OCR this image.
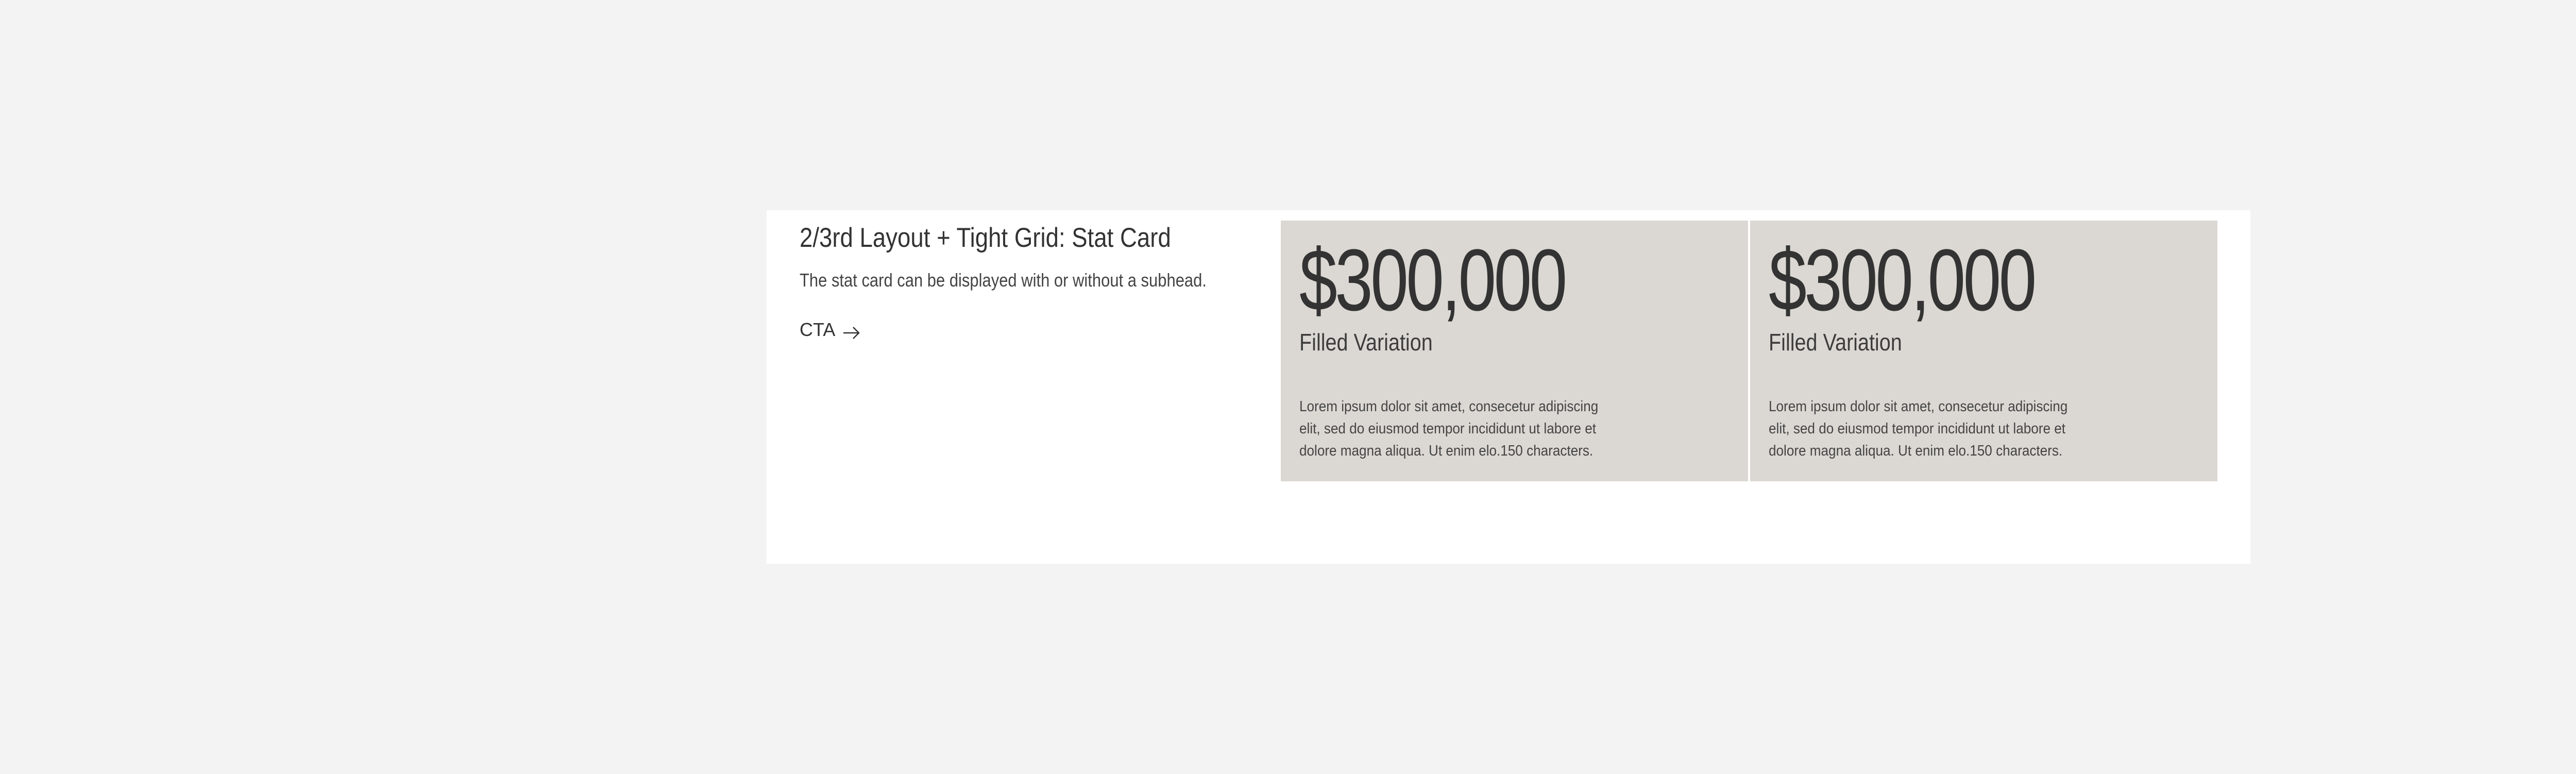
2/3rd Layout + Tight Grid: Stat Card

The stat card can be displayed with or without a subhead.

CTA
$300,000

Filled Variation

Lorem ipsum dolor sit amet, consecetur adipiscing elit, sed do eiusmod tempor incididunt ut labore et dolore magna aliqua. Ut enim elo.150 characters.

$300,000

Filled Variation

Lorem ipsum dolor sit amet, consecetur adipiscing elit, sed do eiusmod tempor incididunt ut labore et dolore magna aliqua. Ut enim elo.150 characters.
